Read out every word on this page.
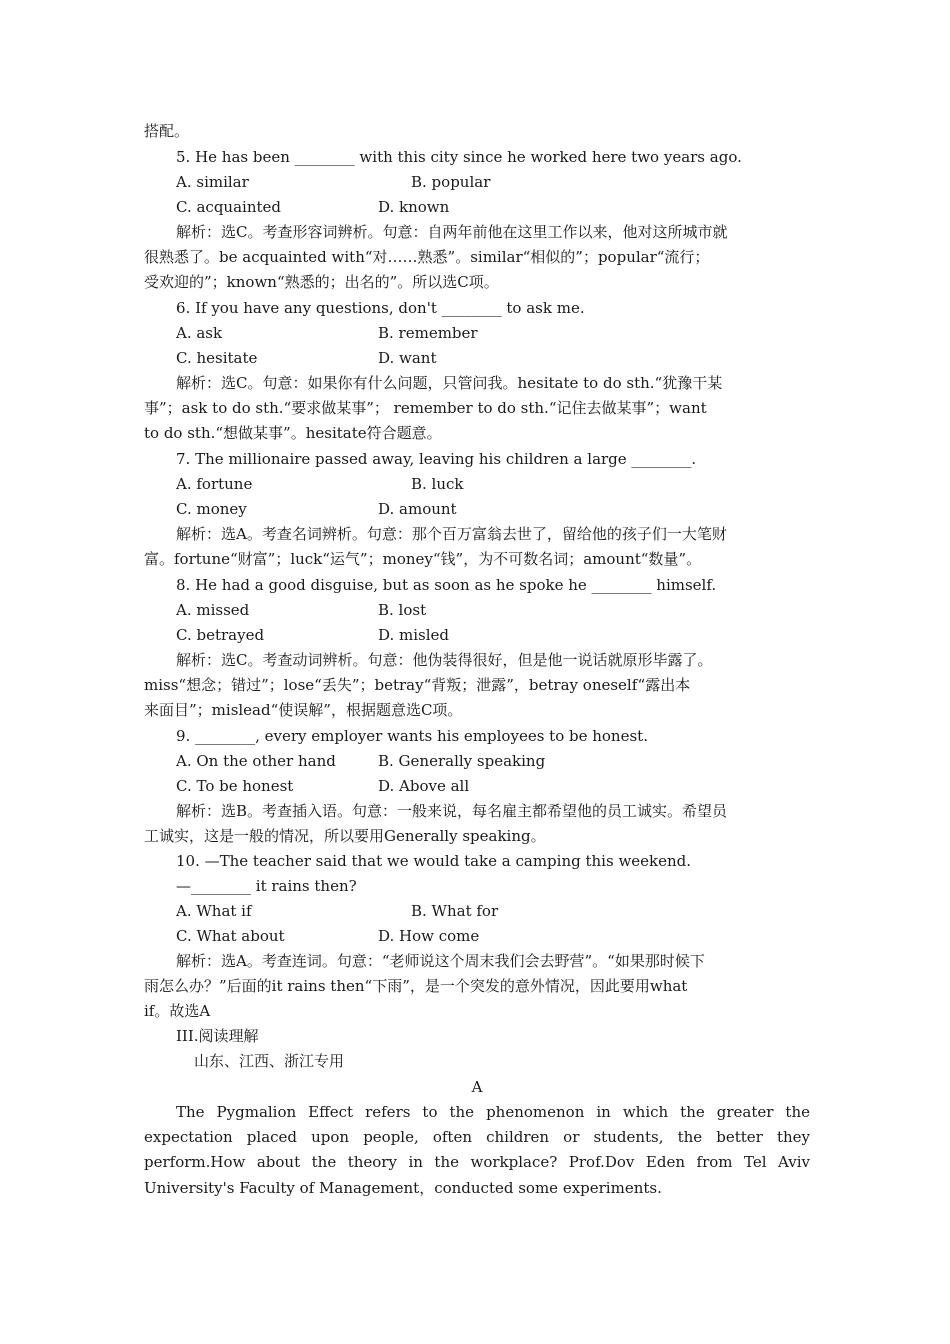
搭配。
5. He has been ________ with this city since he worked here two years ago.
A. similar	B. popular
C. acquainted	D. known
解析：选C。考查形容词辨析。句意：自两年前他在这里工作以来，他对这所城市就
很熟悉了。be acquainted with“对……熟悉”。similar“相似的”；popular“流行；
受欢迎的”；known“熟悉的；出名的”。所以选C项。
6. If you have any questions, don't ________ to ask me.
A. ask	B. remember
C. hesitate	D. want
解析：选C。句意：如果你有什么问题，只管问我。hesitate to do sth.“犹豫干某
事”；ask to do sth.“要求做某事”； remember to do sth.“记住去做某事”；want
to do sth.“想做某事”。hesitate符合题意。
7. The millionaire passed away, leaving his children a large ________.
A. fortune	B. luck
C. money	D. amount
解析：选A。考查名词辨析。句意：那个百万富翁去世了，留给他的孩子们一大笔财
富。fortune“财富”；luck“运气”；money“钱”，为不可数名词；amount“数量”。
8. He had a good disguise, but as soon as he spoke he ________ himself.
A. missed	B. lost
C. betrayed	D. misled
解析：选C。考查动词辨析。句意：他伪装得很好，但是他一说话就原形毕露了。
miss“想念；错过”；lose“丢失”；betray“背叛；泄露”，betray oneself“露出本
来面目”；mislead“使误解”，根据题意选C项。
9. ________, every employer wants his employees to be honest.
A. On the other hand	B. Generally speaking
C. To be honest	D. Above all
解析：选B。考查插入语。句意：一般来说，每名雇主都希望他的员工诚实。希望员
工诚实，这是一般的情况，所以要用Generally speaking。
10. —The teacher said that we would take a camping this weekend.
—________ it rains then?
A. What if	B. What for
C. What about	D. How come
解析：选A。考查连词。句意：“老师说这个周末我们会去野营”。“如果那时候下
雨怎么办？”后面的it rains then“下雨”，是一个突发的意外情况，因此要用what
if。故选A
III.阅读理解
山东、江西、浙江专用
A
The Pygmalion Effect refers to the phenomenon in which the greater the
expectation placed upon people, often children or students, the better they
perform.How about the theory in the workplace? Prof.Dov Eden from Tel Aviv
University's Faculty of Management，conducted some experiments.
